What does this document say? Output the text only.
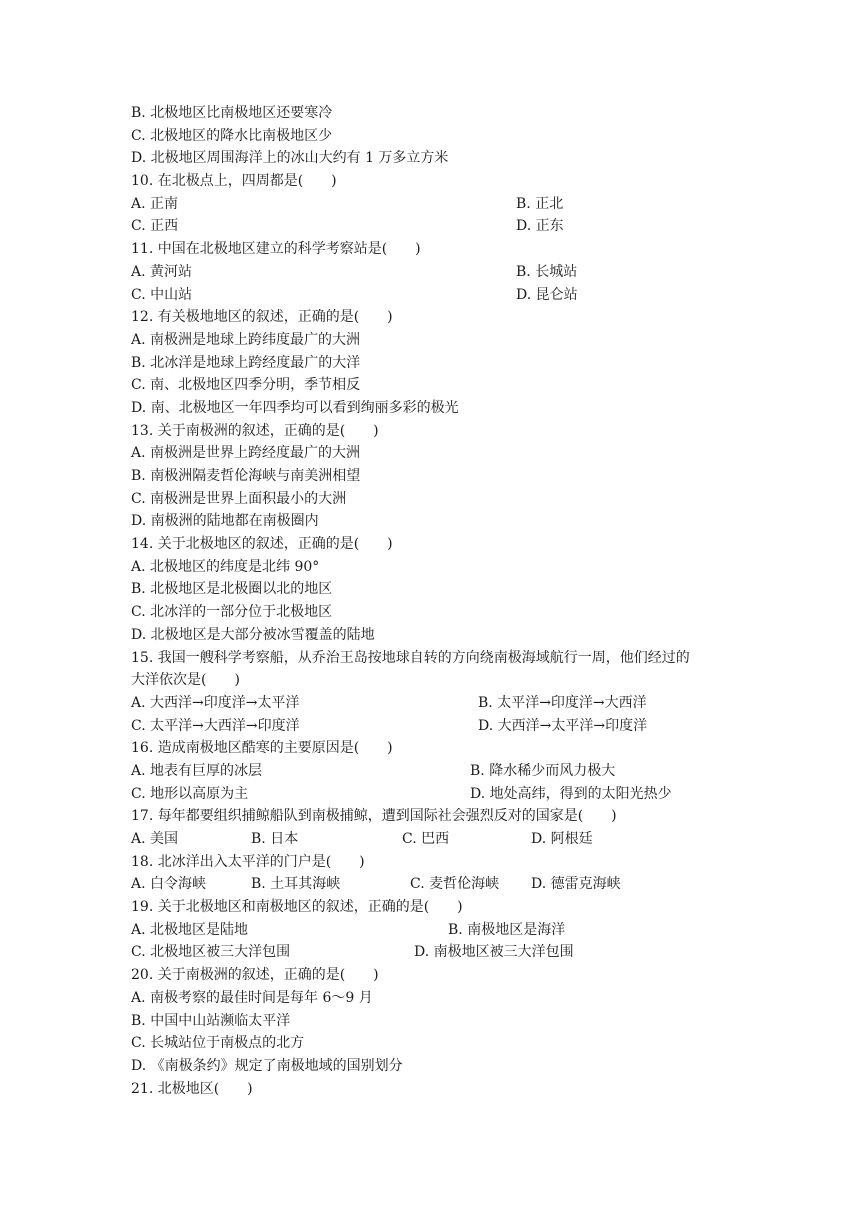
B. 北极地区比南极地区还要寒冷
C. 北极地区的降水比南极地区少
D. 北极地区周围海洋上的冰山大约有 1 万多立方米
10. 在北极点上，四周都是(　　)
A. 正南	B. 正北
C. 正西	D. 正东
11. 中国在北极地区建立的科学考察站是(　　)
A. 黄河站	B. 长城站
C. 中山站	D. 昆仑站
12. 有关极地地区的叙述，正确的是(　　)
A. 南极洲是地球上跨纬度最广的大洲
B. 北冰洋是地球上跨经度最广的大洋
C. 南、北极地区四季分明，季节相反
D. 南、北极地区一年四季均可以看到绚丽多彩的极光
13. 关于南极洲的叙述，正确的是(　　)
A. 南极洲是世界上跨经度最广的大洲
B. 南极洲隔麦哲伦海峡与南美洲相望
C. 南极洲是世界上面积最小的大洲
D. 南极洲的陆地都在南极圈内
14. 关于北极地区的叙述，正确的是(　　)
A. 北极地区的纬度是北纬 90°
B. 北极地区是北极圈以北的地区
C. 北冰洋的一部分位于北极地区
D. 北极地区是大部分被冰雪覆盖的陆地
15. 我国一艘科学考察船，从乔治王岛按地球自转的方向绕南极海域航行一周，他们经过的
大洋依次是(　　)
A. 大西洋→印度洋→太平洋	B. 太平洋→印度洋→大西洋
C. 太平洋→大西洋→印度洋	D. 大西洋→太平洋→印度洋
16. 造成南极地区酷寒的主要原因是(　　)
A. 地表有巨厚的冰层	B. 降水稀少而风力极大
C. 地形以高原为主	D. 地处高纬，得到的太阳光热少
17. 每年都要组织捕鲸船队到南极捕鲸，遭到国际社会强烈反对的国家是(　　)
A. 美国	B. 日本	C. 巴西	D. 阿根廷
18. 北冰洋出入太平洋的门户是(　　)
A. 白令海峡	B. 土耳其海峡	C. 麦哲伦海峡 D. 德雷克海峡
19. 关于北极地区和南极地区的叙述，正确的是(　　)
A. 北极地区是陆地	B. 南极地区是海洋
C. 北极地区被三大洋包围	D. 南极地区被三大洋包围
20. 关于南极洲的叙述，正确的是(　　)
A. 南极考察的最佳时间是每年 6～9 月
B. 中国中山站濒临太平洋
C. 长城站位于南极点的北方
D. 《南极条约》规定了南极地域的国别划分
21. 北极地区(　　)
